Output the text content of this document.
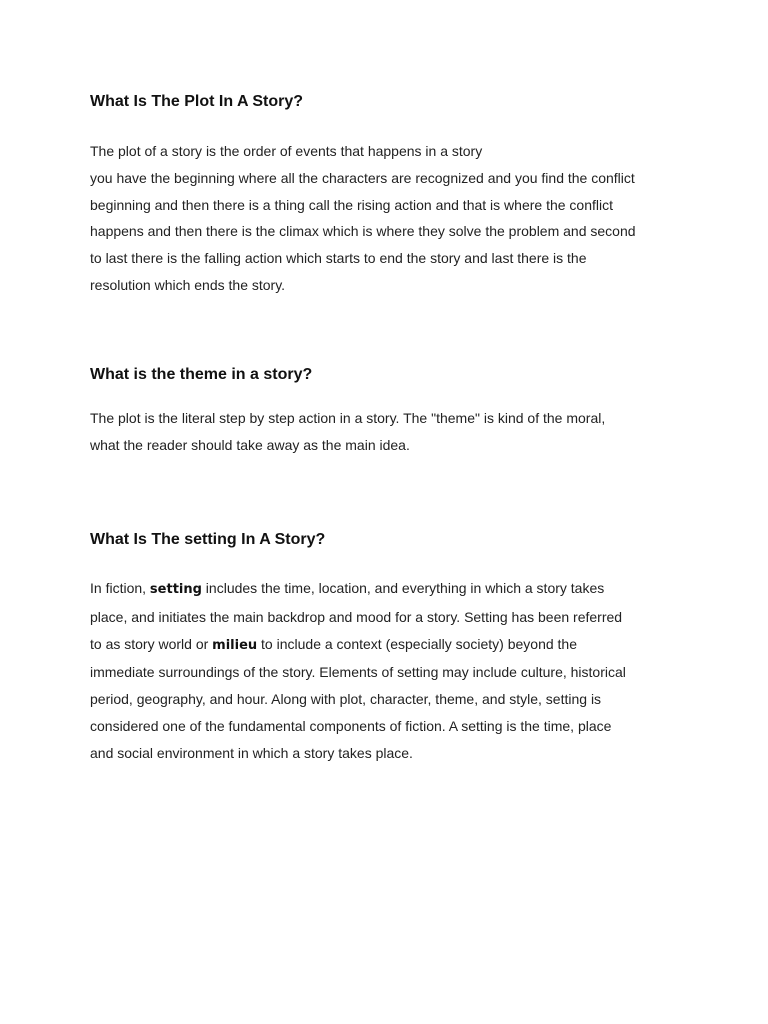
What Is The Plot In A Story?
The plot of a story is the order of events that happens in a story
you have the beginning where all the characters are recognized and you find the conflict
beginning and then there is a thing call the rising action and that is where the conflict
happens and then there is the climax which is where they solve the problem and second
to last there is the falling action which starts to end the story and last there is the
resolution which ends the story.
What is the theme in a story?
The plot is the literal step by step action in a story. The "theme" is kind of the moral,
what the reader should take away as the main idea.
What Is The setting In A Story?
In fiction, setting includes the time, location, and everything in which a story takes
place, and initiates the main backdrop and mood for a story. Setting has been referred
to as story world or milieu to include a context (especially society) beyond the
immediate surroundings of the story. Elements of setting may include culture, historical
period, geography, and hour. Along with plot, character, theme, and style, setting is
considered one of the fundamental components of fiction. A setting is the time, place
and social environment in which a story takes place.
